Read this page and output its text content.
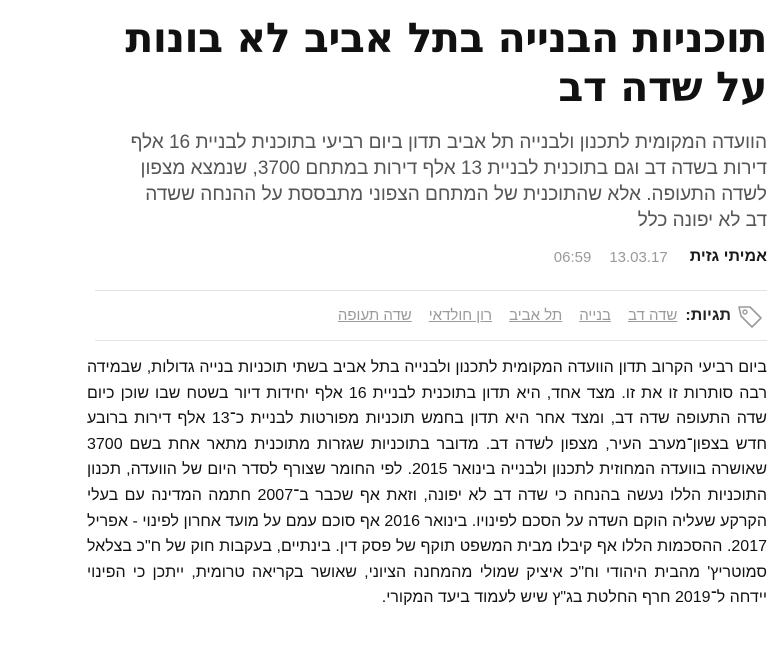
תוכניות הבנייה בתל אביב לא בונות על שדה דב

הוועדה המקומית לתכנון ולבנייה תל אביב תדון ביום רביעי בתוכנית לבניית 16 אלף דירות בשדה דב וגם בתוכנית לבניית 13 אלף דירות במתחם 3700, שנמצא מצפון לשדה התעופה. אלא שהתוכנית של המתחם הצפוני מתבססת על ההנחה ששדה דב לא יפונה כלל

אמיתי גזית
13.03.17
06:59
תגיות:
שדה דב
בנייה
תל אביב
רון חולדאי
שדה תעופה

ביום רביעי הקרוב תדון הוועדה המקומית לתכנון ולבנייה בתל אביב בשתי תוכניות בנייה גדולות, שבמידה רבה סותרות זו את זו. מצד אחד, היא תדון בתוכנית לבניית 16 אלף יחידות דיור בשטח שבו שוכן כיום שדה התעופה שדה דב, ומצד אחר היא תדון בחמש תוכניות מפורטות לבניית כ־13 אלף דירות ברובע חדש בצפון־מערב העיר, מצפון לשדה דב. מדובר בתוכניות שגזרות מתוכנית מתאר אחת בשם 3700 שאושרה בוועדה המחוזית לתכנון ולבנייה בינואר 2015. לפי החומר שצורף לסדר היום של הוועדה, תכנון התוכניות הללו נעשה בהנחה כי שדה דב לא יפונה, וזאת אף שכבר ב־2007 חתמה המדינה עם בעלי הקרקע שעליה הוקם השדה על הסכם לפינויו. בינואר 2016 אף סוכם עמם על מועד אחרון לפינוי - אפריל 2017. ההסכמות הללו אף קיבלו מבית המשפט תוקף של פסק דין. בינתיים, בעקבות חוק של ח"כ בצלאל סמוטריץ' מהבית היהודי וח"כ איציק שמולי מהמחנה הציוני, שאושר בקריאה טרומית, ייתכן כי הפינוי יידחה ל־2019 חרף החלטת בג"ץ שיש לעמוד ביעד המקורי.
